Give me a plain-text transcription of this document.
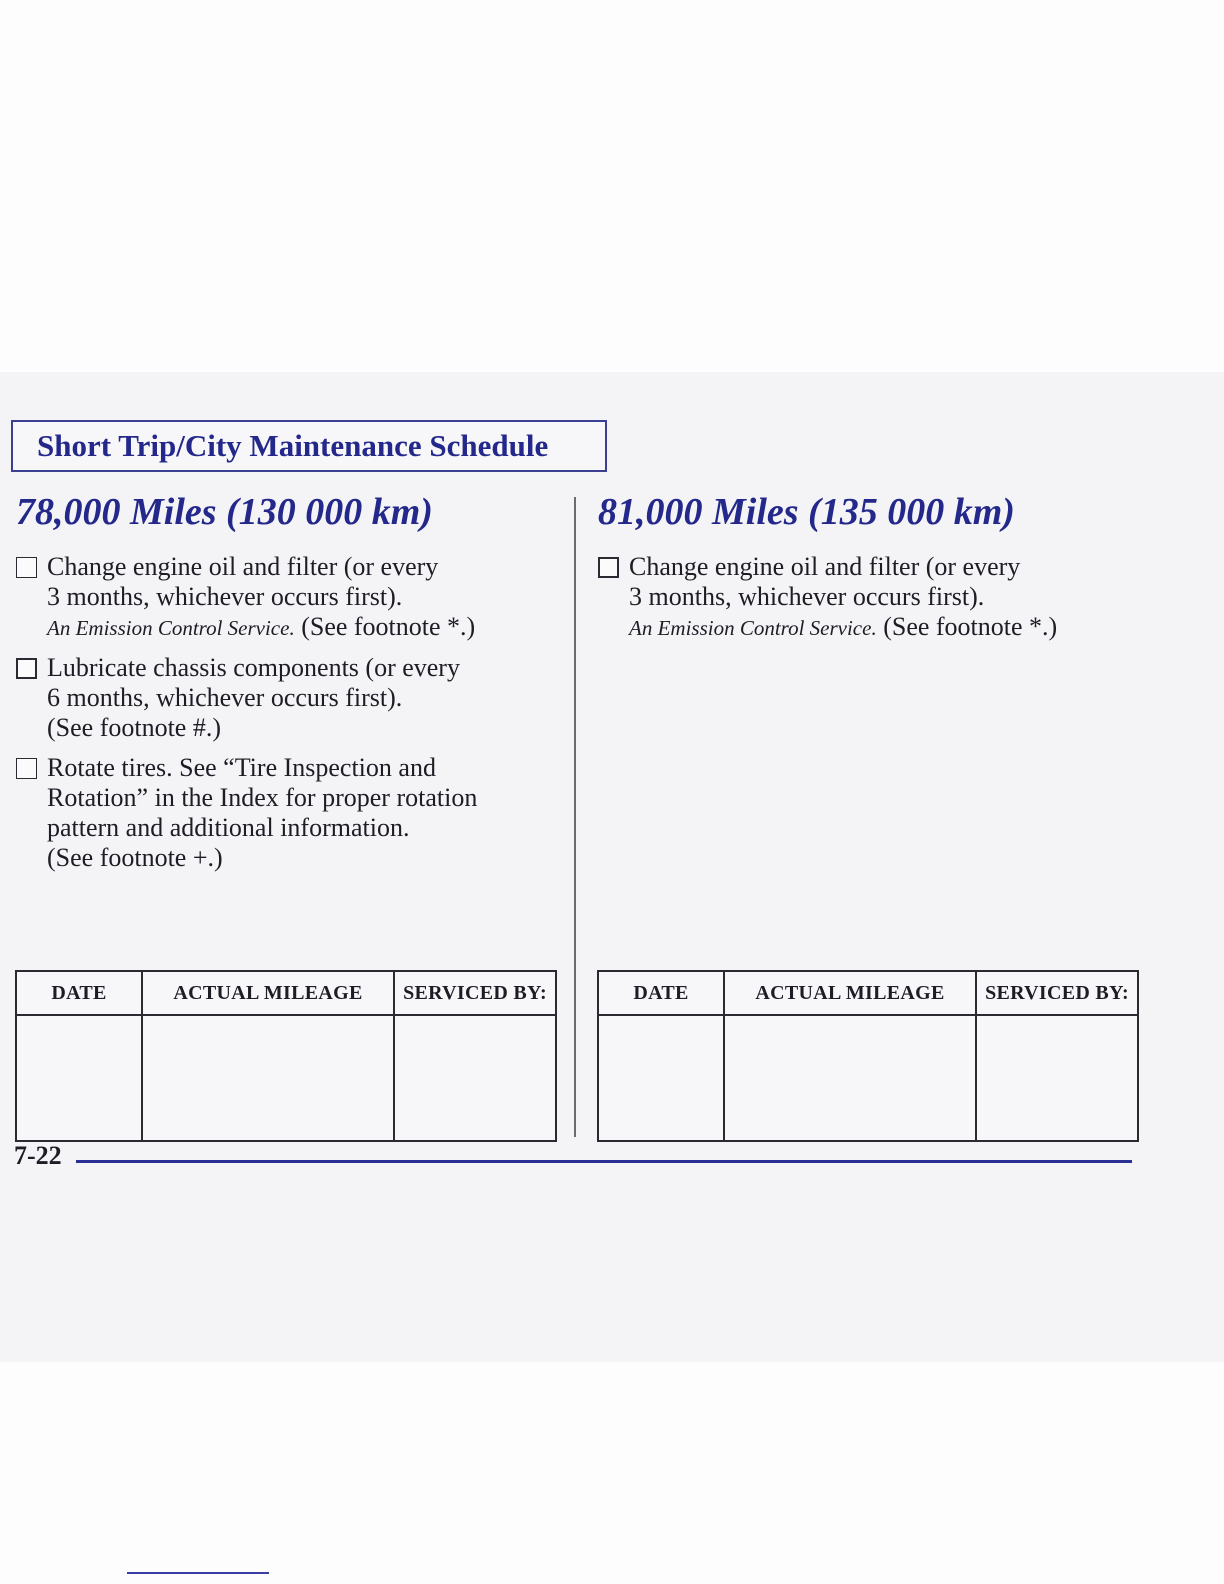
Short Trip/City Maintenance Schedule
78,000 Miles (130 000 km)
Change engine oil and filter (or every
3 months, whichever occurs first).
An Emission Control Service. (See footnote *.)
Lubricate chassis components (or every
6 months, whichever occurs first).
(See footnote #.)
Rotate tires. See “Tire Inspection and
Rotation” in the Index for proper rotation
pattern and additional information.
(See footnote +.)
81,000 Miles (135 000 km)
Change engine oil and filter (or every
3 months, whichever occurs first).
An Emission Control Service. (See footnote *.)
DATE	ACTUAL MILEAGE	SERVICED BY:
			DATE	ACTUAL MILEAGE	SERVICED BY:

7-22
